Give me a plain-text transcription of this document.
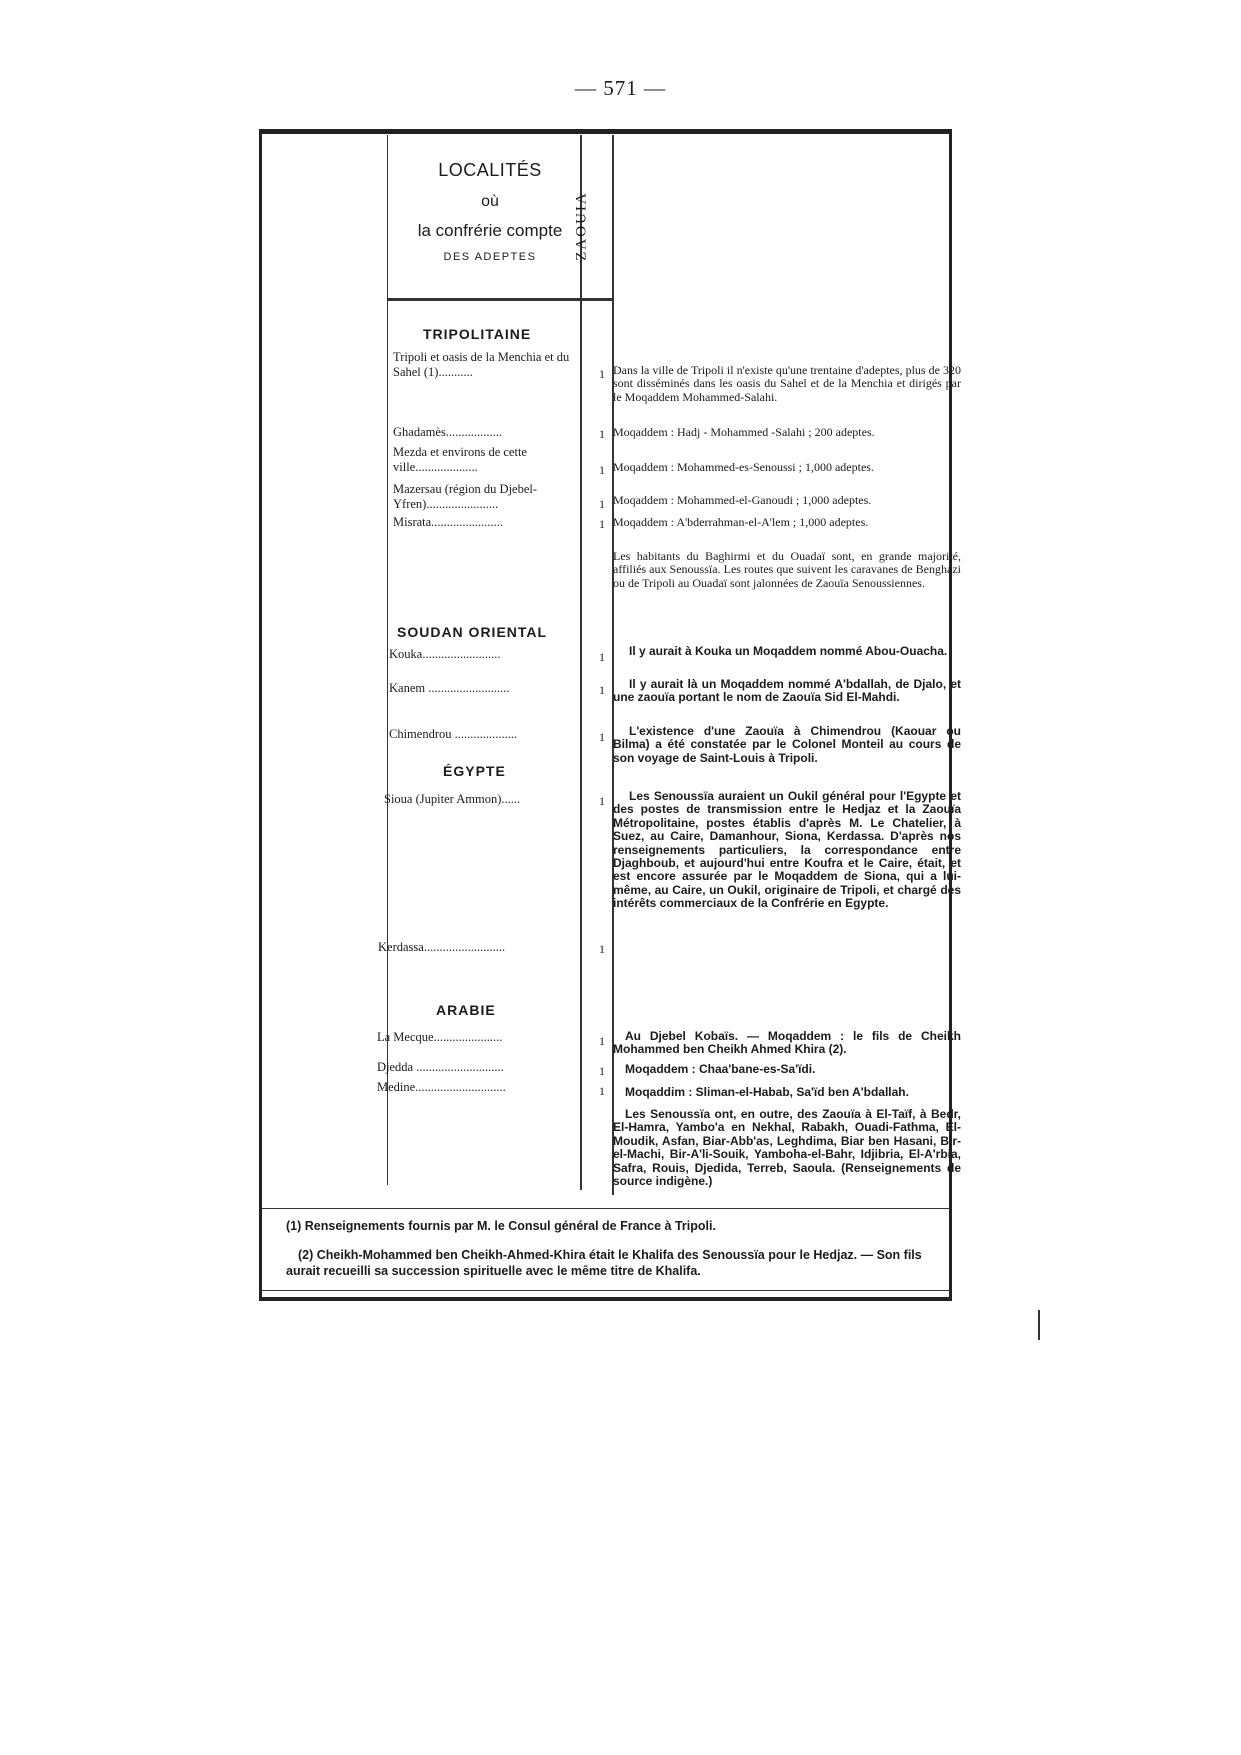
— 571 —
LOCALITÉS
où
la confrérie compte
DES ADEPTES	ZAOUIA
TRIPOLITAINE
Tripoli et oasis de la Menchia et du Sahel (1)...........	1 Dans la ville de Tripoli il n'existe qu'une trentaine d'adeptes, plus de 320 sont disséminés dans les oasis du Sahel et de la Menchia et dirigés par le Moqaddem Mohammed-Salahi.
Ghadamès..................	1 Moqaddem : Hadj - Mohammed -Salahi ; 200 adeptes.
Mezda et environs de cette ville....................	1 Moqaddem : Mohammed-es-Senoussi ; 1,000 adeptes.
Mazersau (région du Djebel-Yfren).......................	1 Moqaddem : Mohammed-el-Ganoudi ; 1,000 adeptes.
Misrata.......................	1 Moqaddem : A'bderrahman-el-A'lem ; 1,000 adeptes.
Les habitants du Baghirmi et du Ouadaï sont, en grande majorité, affiliés aux Senoussïa. Les routes que suivent les caravanes de Benghazi ou de Tripoli au Ouadaï sont jalonnées de Zaouïa Senoussiennes.
SOUDAN ORIENTAL
Kouka.........................	1	Il y aurait à Kouka un Moqaddem nommé Abou-Ouacha.
Kanem ..........................	1	Il y aurait là un Moqaddem nommé A'bdallah, de Djalo, et une zaouïa portant le nom de Zaouïa Sid El-Mahdi.
Chimendrou ....................	1	L'existence d'une Zaouïa à Chimendrou (Kaouar ou Bilma) a été constatée par le Colonel Monteil au cours de son voyage de Saint-Louis à Tripoli.
ÉGYPTE
Sioua (Jupiter Ammon)......	1	Les Senoussïa auraient un Oukil général pour l'Egypte et des postes de transmission entre le Hedjaz et la Zaouïa Métropolitaine, postes établis d'après M. Le Chatelier, à Suez, au Caire, Damanhour, Siona, Kerdassa. D'après nos renseignements particuliers, la correspondance entre Djaghboub, et aujourd'hui entre Koufra et le Caire, était, et est encore assurée par le Moqaddem de Siona, qui a lui-même, au Caire, un Oukil, originaire de Tripoli, et chargé des intérêts commerciaux de la Confrérie en Egypte.
Kerdassa..........................	1
ARABIE
La Mecque......................	1	Au Djebel Kobaïs. — Moqaddem : le fils de Cheikh Mohammed ben Cheikh Ahmed Khira (2).
Djedda ............................	1	Moqaddem : Chaa'bane-es-Sa'ïdi.
Medine.............................	1	Moqaddim : Sliman-el-Habab, Sa'ïd ben A'bdallah.
Les Senoussïa ont, en outre, des Zaouïa à El-Taïf, à Bedr, El-Hamra, Yambo'a en Nekhal, Rabakh, Ouadi-Fathma, El-Moudik, Asfan, Biar-Abb'as, Leghdima, Biar ben Hasani, Bir-el-Machi, Bir-A'li-Souik, Yamboha-el-Bahr, Idjibria, El-A'rbia, Safra, Rouis, Djedida, Terreb, Saoula. (Renseignements de source indigène.)
(1) Renseignements fournis par M. le Consul général de France à Tripoli.
(2) Cheikh-Mohammed ben Cheikh-Ahmed-Khira était le Khalifa des Senoussïa pour le Hedjaz. — Son fils aurait recueilli sa succession spirituelle avec le même titre de Khalifa.
